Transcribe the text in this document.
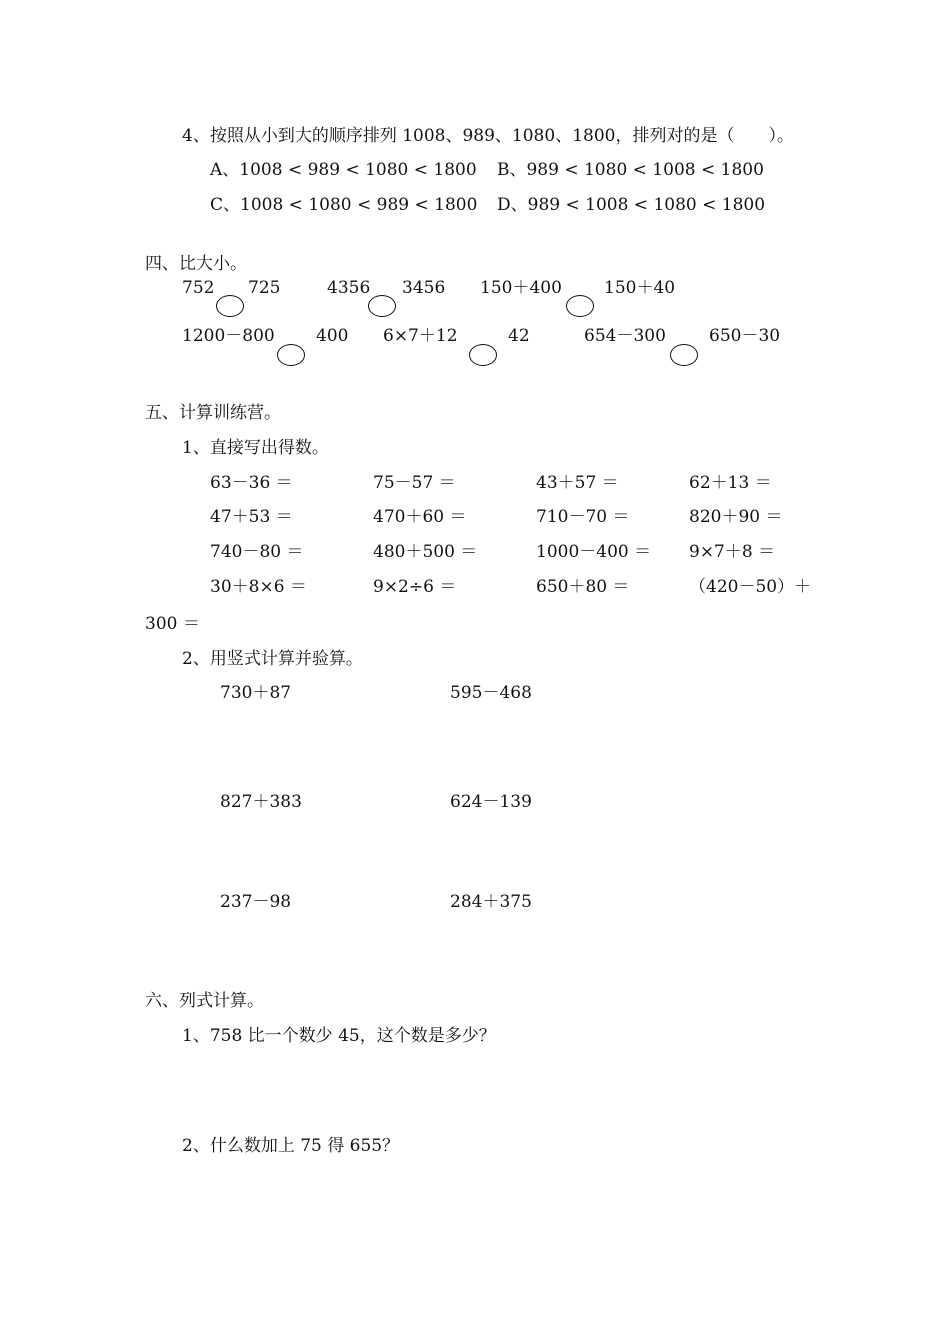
4、按照从小到大的顺序排列 1008、989、1080、1800，排列对的是（　　）。
A、1008 < 989 < 1080 < 1800 B、989 < 1080 < 1008 < 1800
C、1008 < 1080 < 989 < 1800 D、989 < 1008 < 1080 < 1800
四、比大小。
752 725	4356 3456 150＋400 150＋40
1200－800 400 6×7＋12	42	654－300	650－30
五、计算训练营。
1、直接写出得数。
63－36 ＝	75－57 ＝	43＋57 ＝	62＋13 ＝
47＋53 ＝	470＋60 ＝	710－70 ＝	820＋90 ＝
740－80 ＝	480＋500 ＝	1000－400 ＝ 9×7＋8 ＝
30＋8×6 ＝	9×2÷6 ＝	650＋80 ＝	（420－50）＋
300 ＝
2、用竖式计算并验算。
730＋87	595－468
827＋383	624－139
237－98	284＋375
六、列式计算。
1、758 比一个数少 45，这个数是多少？
2、什么数加上 75 得 655？
